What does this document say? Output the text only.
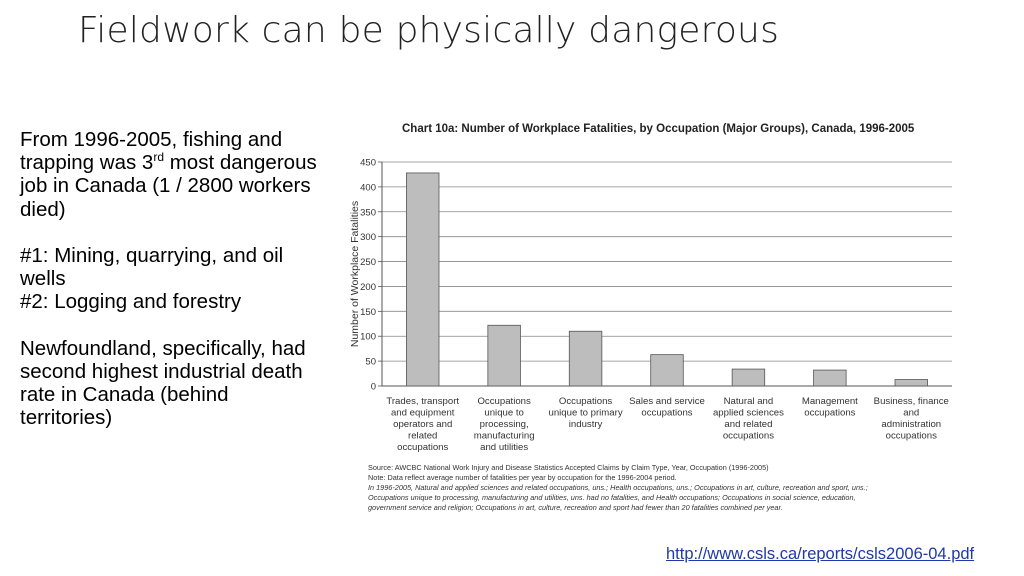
Fieldwork can be physically dangerous

From 1996-2005, fishing and trapping was 3rd most dangerous job in Canada (1 / 2800 workers died)

#1: Mining, quarrying, and oil wells
#2: Logging and forestry

Newfoundland, specifically, had second highest industrial death rate in Canada (behind territories)

Chart 10a: Number of Workplace Fatalities, by Occupation (Major Groups), Canada, 1996-2005
0
50
100
150
200
250
300
350
400
450
Number of Workplace Fatalities
Trades, transport
and equipment
operators and
related
occupations
Occupations
unique to
processing,
manufacturing
and utilities
Occupations
unique to primary
industry
Sales and service
occupations
Natural and
applied sciences
and related
occupations
Management
occupations
Business, finance
and
administration
occupations
Source: AWCBC National Work Injury and Disease Statistics Accepted Claims by Claim Type, Year, Occupation (1996-2005)
Note: Data reflect average number of fatalities per year by occupation for the 1996-2004 period.
In 1996-2005, Natural and applied sciences and related occupations, uns.; Health occupations, uns.; Occupations in art, culture, recreation and sport, uns.;
Occupations unique to processing, manufacturing and utilities, uns. had no fatalities, and Health occupations; Occupations in social science, education,
government service and religion; Occupations in art, culture, recreation and sport had fewer than 20 fatalities combined per year.
http://www.csls.ca/reports/csls2006-04.pdf
